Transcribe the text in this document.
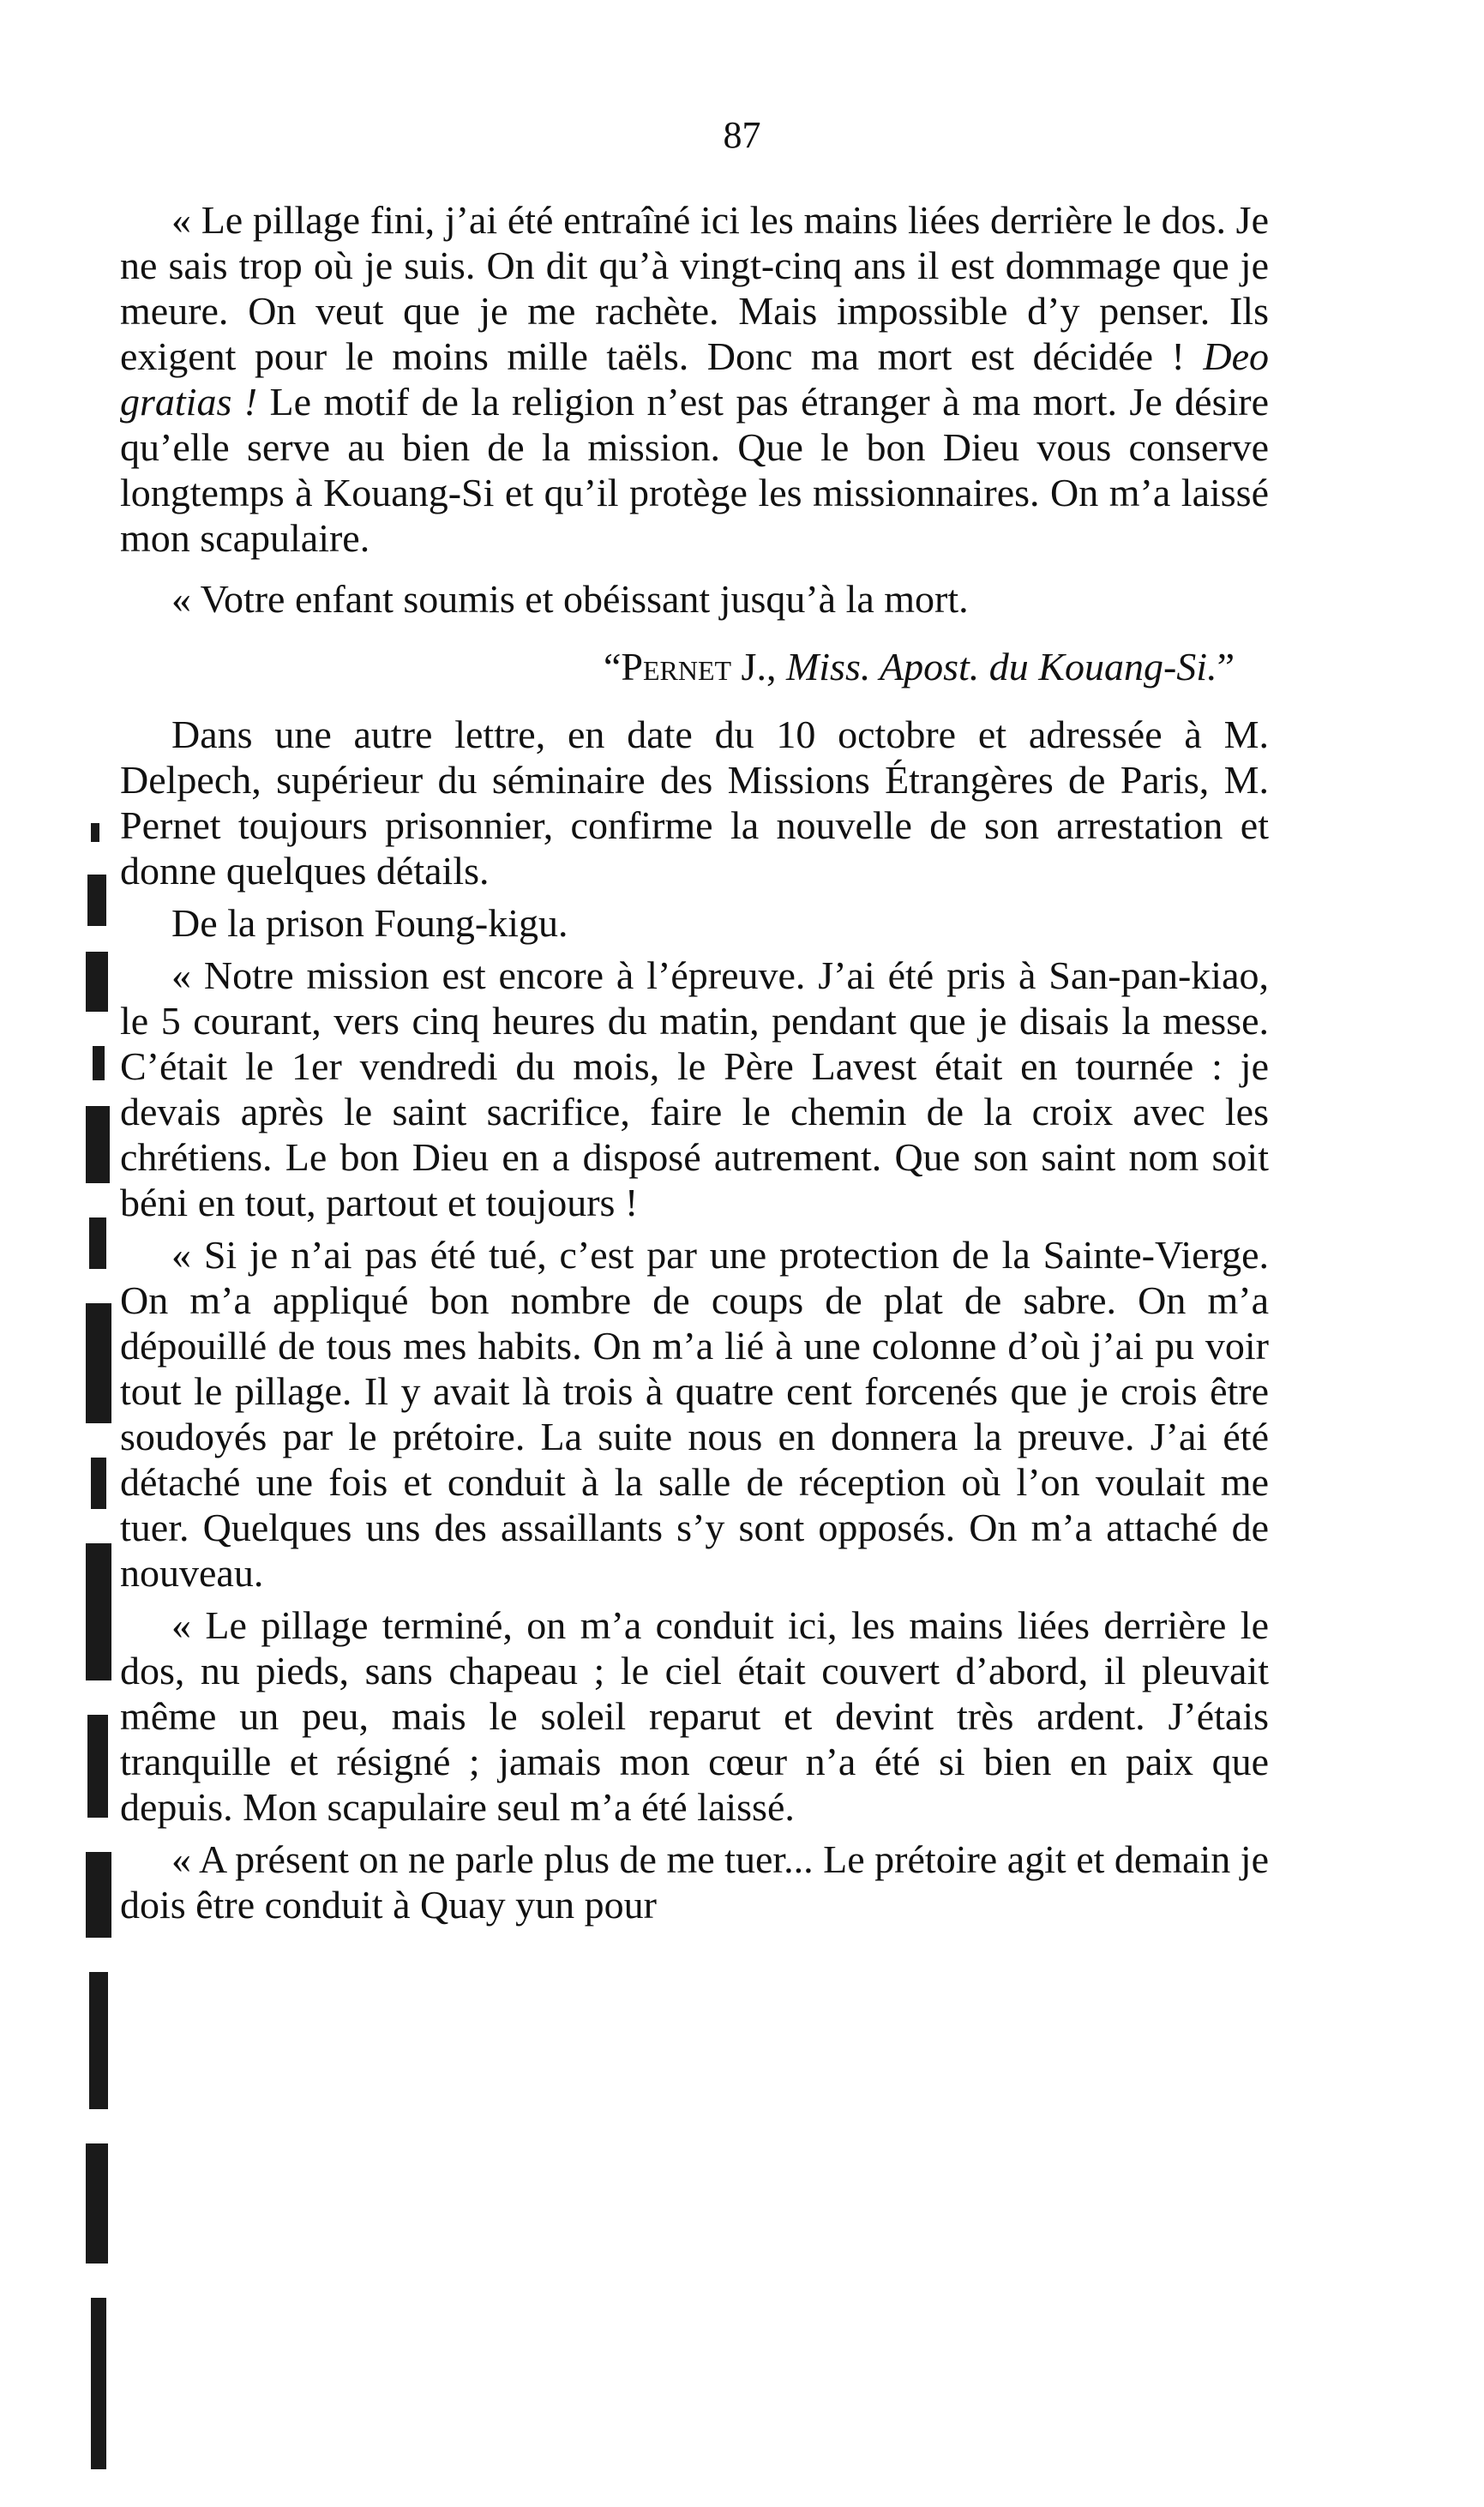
87

« Le pillage fini, j’ai été entraîné ici les mains liées derrière le dos. Je ne sais trop où je suis. On dit qu’à vingt-cinq ans il est dommage que je meure. On veut que je me rachète. Mais impossible d’y penser. Ils exigent pour le moins mille taëls. Donc ma mort est décidée ! Deo gratias ! Le motif de la religion n’est pas étranger à ma mort. Je désire qu’elle serve au bien de la mission. Que le bon Dieu vous conserve longtemps à Kouang-Si et qu’il protège les missionnaires. On m’a laissé mon scapulaire.

« Votre enfant soumis et obéissant jusqu’à la mort.

“Pernet J., Miss. Apost. du Kouang-Si.”

Dans une autre lettre, en date du 10 octobre et adressée à M. Delpech, supérieur du séminaire des Missions Étrangères de Paris, M. Pernet toujours prisonnier, confirme la nouvelle de son arrestation et donne quelques détails.

De la prison Foung-kigu.

« Notre mission est encore à l’épreuve. J’ai été pris à San-pan-kiao, le 5 courant, vers cinq heures du matin, pendant que je disais la messe. C’était le 1er vendredi du mois, le Père Lavest était en tournée : je devais après le saint sacrifice, faire le chemin de la croix avec les chrétiens. Le bon Dieu en a disposé autrement. Que son saint nom soit béni en tout, partout et toujours !

« Si je n’ai pas été tué, c’est par une protection de la Sainte-Vierge. On m’a appliqué bon nombre de coups de plat de sabre. On m’a dépouillé de tous mes habits. On m’a lié à une colonne d’où j’ai pu voir tout le pillage. Il y avait là trois à quatre cent forcenés que je crois être soudoyés par le prétoire. La suite nous en donnera la preuve. J’ai été détaché une fois et conduit à la salle de réception où l’on voulait me tuer. Quelques uns des assaillants s’y sont opposés. On m’a attaché de nouveau.

« Le pillage terminé, on m’a conduit ici, les mains liées derrière le dos, nu pieds, sans chapeau ; le ciel était couvert d’abord, il pleuvait même un peu, mais le soleil reparut et devint très ardent. J’étais tranquille et résigné ; jamais mon cœur n’a été si bien en paix que depuis. Mon scapulaire seul m’a été laissé.

« A présent on ne parle plus de me tuer... Le prétoire agit et demain je dois être conduit à Quay yun pour
